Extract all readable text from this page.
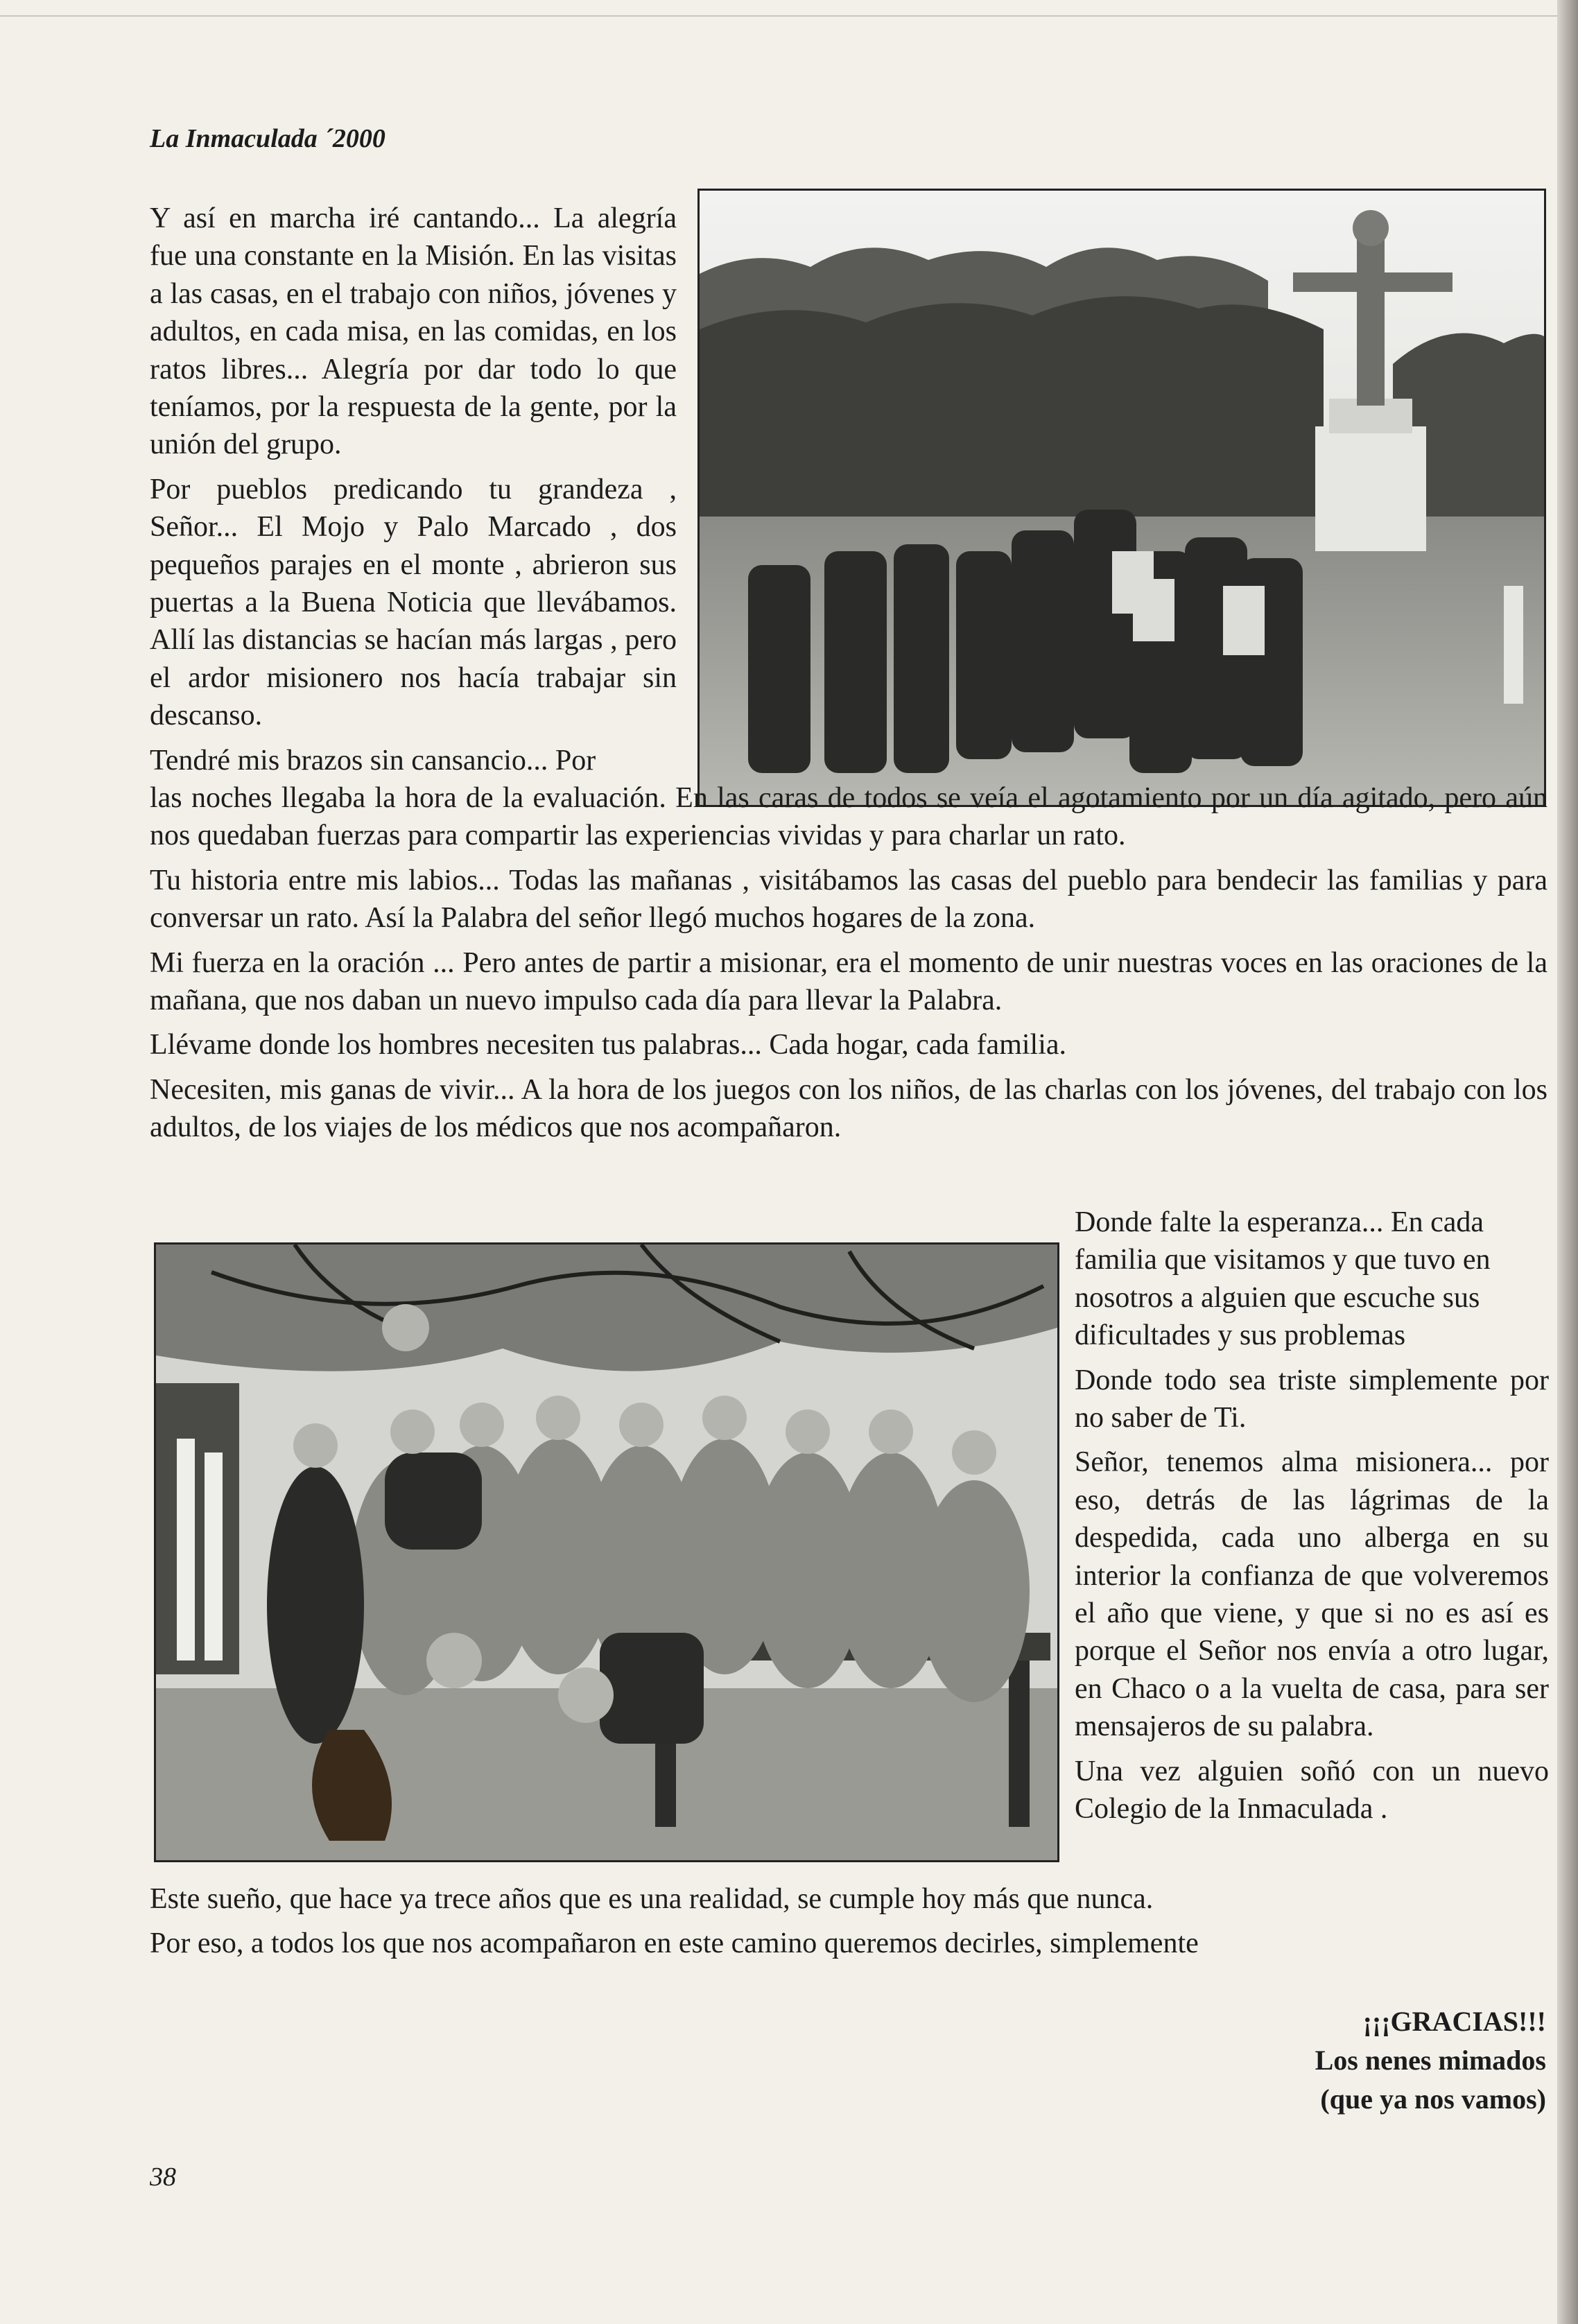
La Inmaculada ´2000

Y así en marcha iré cantando... La alegría fue una constante en la Misión. En las visitas a las casas, en el trabajo con niños, jóvenes y adultos, en cada misa, en las comidas, en los ratos libres... Alegría por dar todo lo que teníamos, por la respuesta de la gente, por la unión del grupo.

Por pueblos predicando tu grandeza , Señor... El Mojo y Palo Marcado , dos pequeños parajes en el monte , abrieron sus puertas a la Buena Noticia que llevábamos. Allí las distancias se hacían más largas , pero el ardor misionero nos hacía trabajar sin descanso.

Tendré mis brazos sin cansancio... Por

las noches llegaba la hora de la evaluación. En las caras de todos se veía el agotamiento por un día agitado, pero aún nos quedaban fuerzas para compartir las experiencias vividas y para charlar un rato.

Tu historia entre mis labios... Todas las mañanas , visitábamos las casas del pueblo para bendecir las familias y para conversar un rato. Así la Palabra del señor llegó muchos hogares de la zona.

Mi fuerza en la oración ... Pero antes de partir a misionar, era el momento de unir nuestras voces en las oraciones de la mañana, que nos daban un nuevo impulso cada día para llevar la Palabra.

Llévame donde los hombres necesiten tus palabras... Cada hogar, cada familia.

Necesiten, mis ganas de vivir... A la hora de los juegos con los niños, de las charlas con los jóvenes, del trabajo con los adultos, de los viajes de los médicos que nos acompañaron.

Donde falte la esperanza... En cada familia que visitamos y que tuvo en nosotros a alguien que escuche sus dificultades y sus problemas

Donde todo sea triste simplemente por no saber de Ti.

Señor, tenemos alma misionera... por eso, detrás de las lágrimas de la despedida, cada uno alberga en su interior la confianza de que volveremos el año que viene, y que si no es así es porque el Señor nos envía a otro lugar, en Chaco o a la vuelta de casa, para ser mensajeros de su palabra.

Una vez alguien soñó con un nuevo Colegio de la Inmaculada .

Este sueño, que hace ya trece años que es una realidad, se cumple hoy más que nunca.

Por eso, a todos los que nos acompañaron en este camino queremos decirles, simplemente

¡¡¡GRACIAS!!!
Los nenes mimados
(que ya nos vamos)
38
